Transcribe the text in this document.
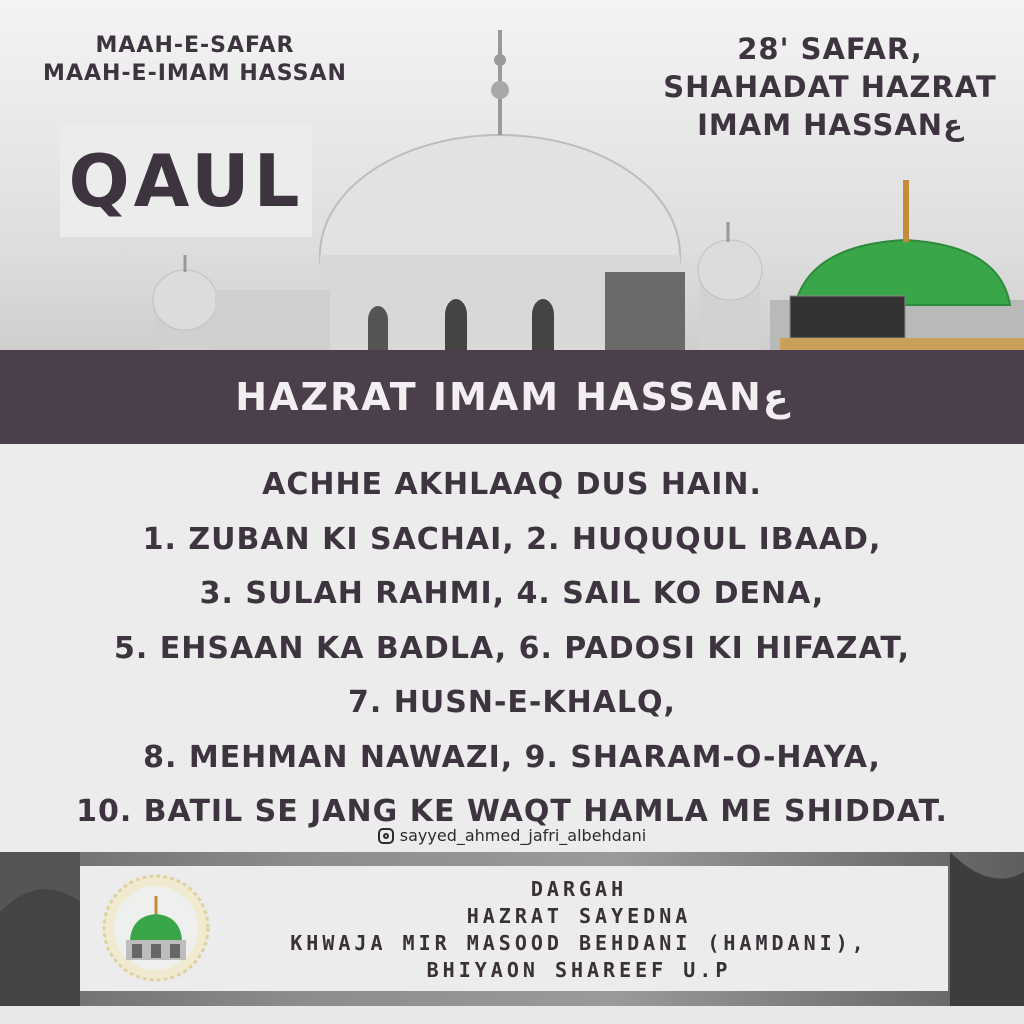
MAAH-E-SAFAR
MAAH-E-IMAM HASSAN
QAUL
28' SAFAR,
SHAHADAT HAZRAT
IMAM HASSANع
HAZRAT IMAM HASSANع
ACHHE AKHLAAQ DUS HAIN.
1. ZUBAN KI SACHAI, 2. HUQUQUL IBAAD,
3. SULAH RAHMI, 4. SAIL KO DENA,
5. EHSAAN KA BADLA, 6. PADOSI KI HIFAZAT,
7. HUSN-E-KHALQ,
8. MEHMAN NAWAZI, 9. SHARAM-O-HAYA,
10. BATIL SE JANG KE WAQT HAMLA ME SHIDDAT.
sayyed_ahmed_jafri_albehdani
DARGAH
HAZRAT SAYEDNA
KHWAJA MIR MASOOD BEHDANI (HAMDANI),
BHIYAON SHAREEF U.P
